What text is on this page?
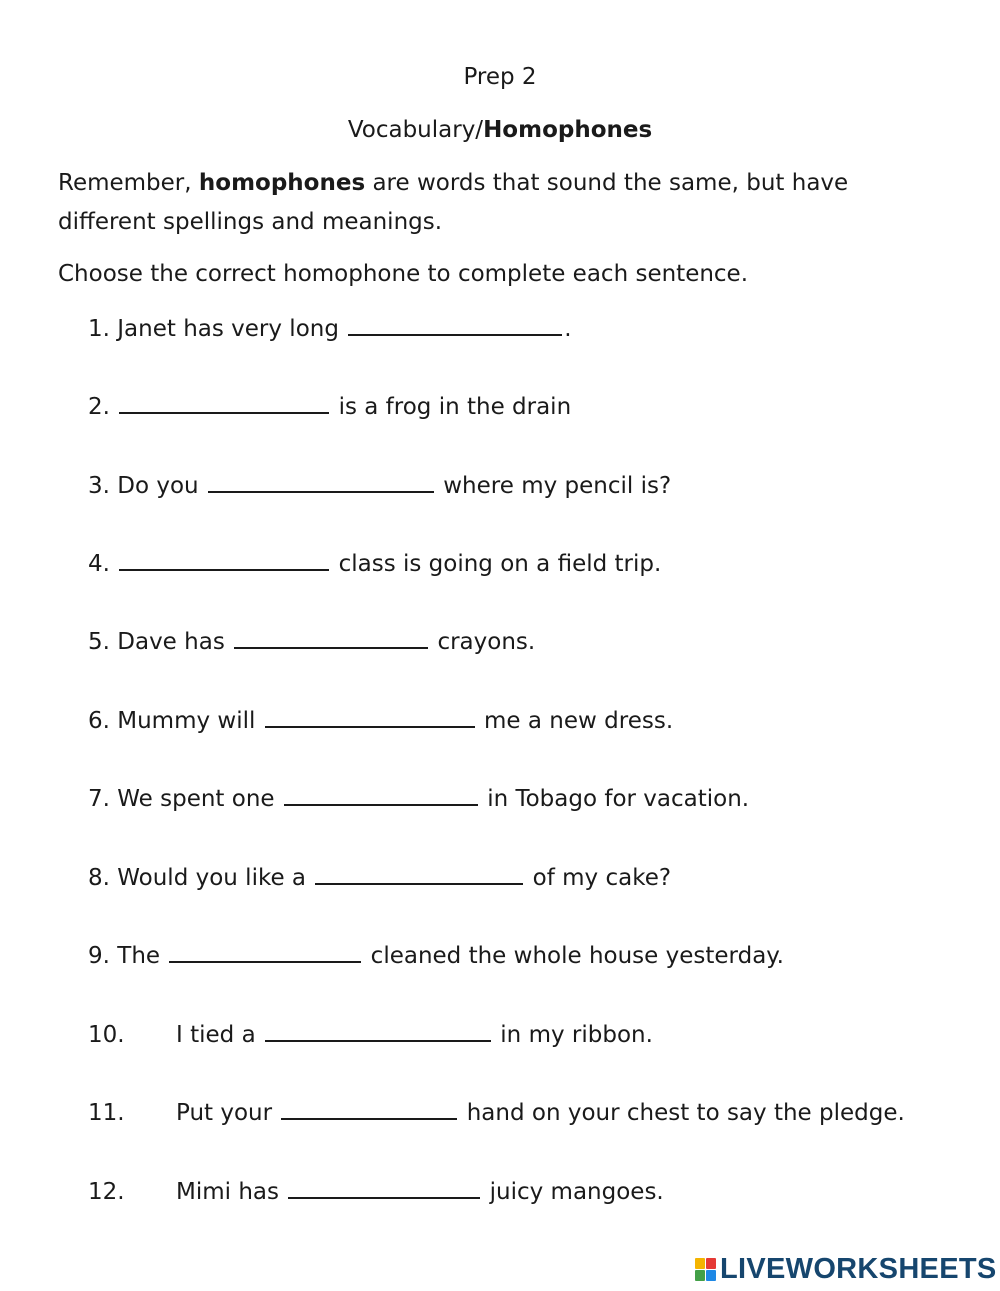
Prep 2
Vocabulary/Homophones
Remember, homophones are words that sound the same, but have different spellings and meanings.
Choose the correct homophone to complete each sentence.
1. Janet has very long	.
2.	is a frog in the drain
3. Do you	where my pencil is?
4.	class is going on a field trip.
5. Dave has	crayons.
6. Mummy will	me a new dress.
7. We spent one	in Tobago for vacation.
8. Would you like a	of my cake?
9. The	cleaned the whole house yesterday.
10. I tied a	in my ribbon.
11. Put your	hand on your chest to say the pledge.
12. Mimi has	juicy mangoes.
LIVEWORKSHEETS
